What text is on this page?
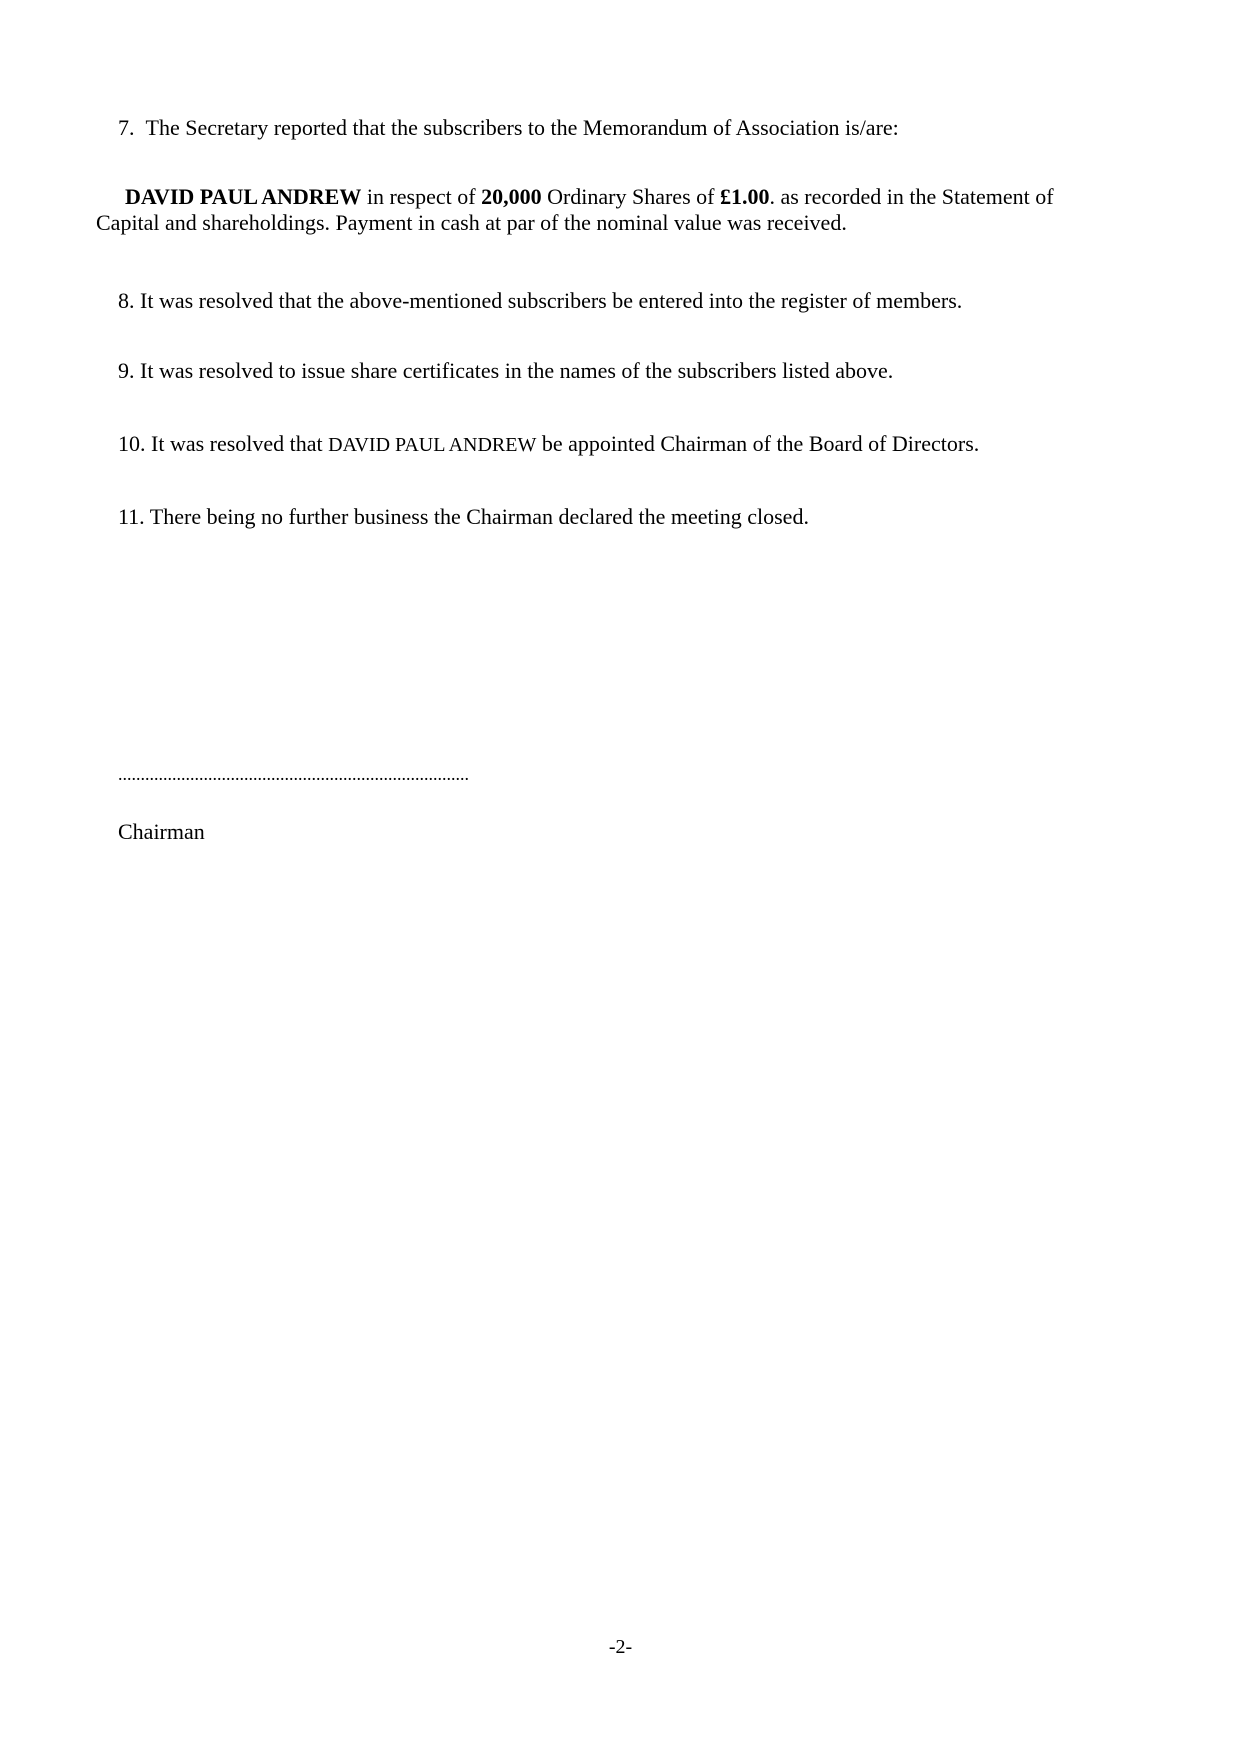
7. The Secretary reported that the subscribers to the Memorandum of Association is/are:
DAVID PAUL ANDREW in respect of 20,000 Ordinary Shares of £1.00. as recorded in the Statement of
Capital and shareholdings. Payment in cash at par of the nominal value was received.
8. It was resolved that the above-mentioned subscribers be entered into the register of members.
9. It was resolved to issue share certificates in the names of the subscribers listed above.
10. It was resolved that DAVID PAUL ANDREW be appointed Chairman of the Board of Directors.
11. There being no further business the Chairman declared the meeting closed.
..............................................................................
Chairman
-2-
